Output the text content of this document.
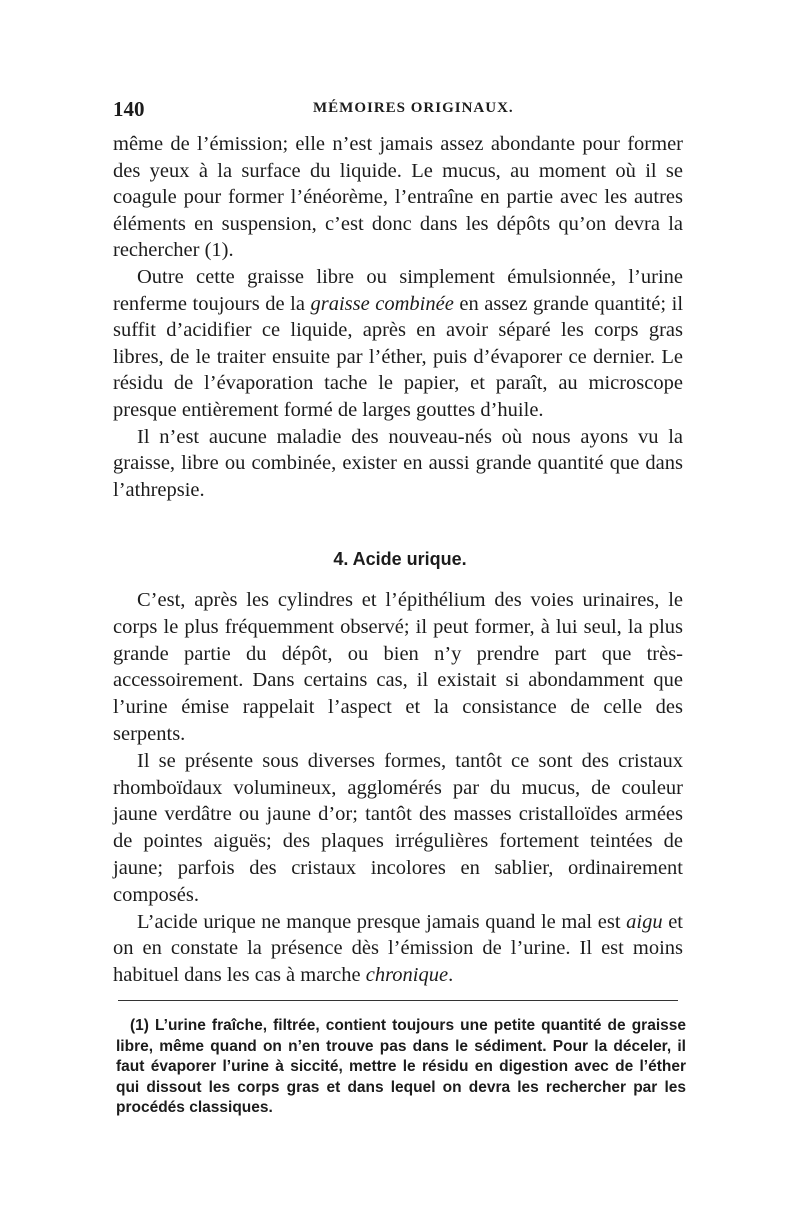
140	MÉMOIRES ORIGINAUX.

même de l’émission; elle n’est jamais assez abondante pour former des yeux à la surface du liquide. Le mucus, au moment où il se coagule pour former l’énéorème, l’entraîne en partie avec les autres éléments en suspension, c’est donc dans les dépôts qu’on devra la rechercher (1).

Outre cette graisse libre ou simplement émulsionnée, l’urine renferme toujours de la graisse combinée en assez grande quantité; il suffit d’acidifier ce liquide, après en avoir séparé les corps gras libres, de le traiter ensuite par l’éther, puis d’évaporer ce dernier. Le résidu de l’évaporation tache le papier, et paraît, au microscope presque entièrement formé de larges gouttes d’huile.

Il n’est aucune maladie des nouveau-nés où nous ayons vu la graisse, libre ou combinée, exister en aussi grande quantité que dans l’athrepsie.

4. Acide urique.

C’est, après les cylindres et l’épithélium des voies urinaires, le corps le plus fréquemment observé; il peut former, à lui seul, la plus grande partie du dépôt, ou bien n’y prendre part que très-accessoirement. Dans certains cas, il existait si abondamment que l’urine émise rappelait l’aspect et la consistance de celle des serpents.

Il se présente sous diverses formes, tantôt ce sont des cristaux rhomboïdaux volumineux, agglomérés par du mucus, de couleur jaune verdâtre ou jaune d’or; tantôt des masses cristalloïdes armées de pointes aiguës; des plaques irrégulières fortement teintées de jaune; parfois des cristaux incolores en sablier, ordinairement composés.

L’acide urique ne manque presque jamais quand le mal est aigu et on en constate la présence dès l’émission de l’urine. Il est moins habituel dans les cas à marche chronique.

(1) L’urine fraîche, filtrée, contient toujours une petite quantité de graisse libre, même quand on n’en trouve pas dans le sédiment. Pour la déceler, il faut évaporer l’urine à siccité, mettre le résidu en digestion avec de l’éther qui dissout les corps gras et dans lequel on devra les rechercher par les procédés classiques.
